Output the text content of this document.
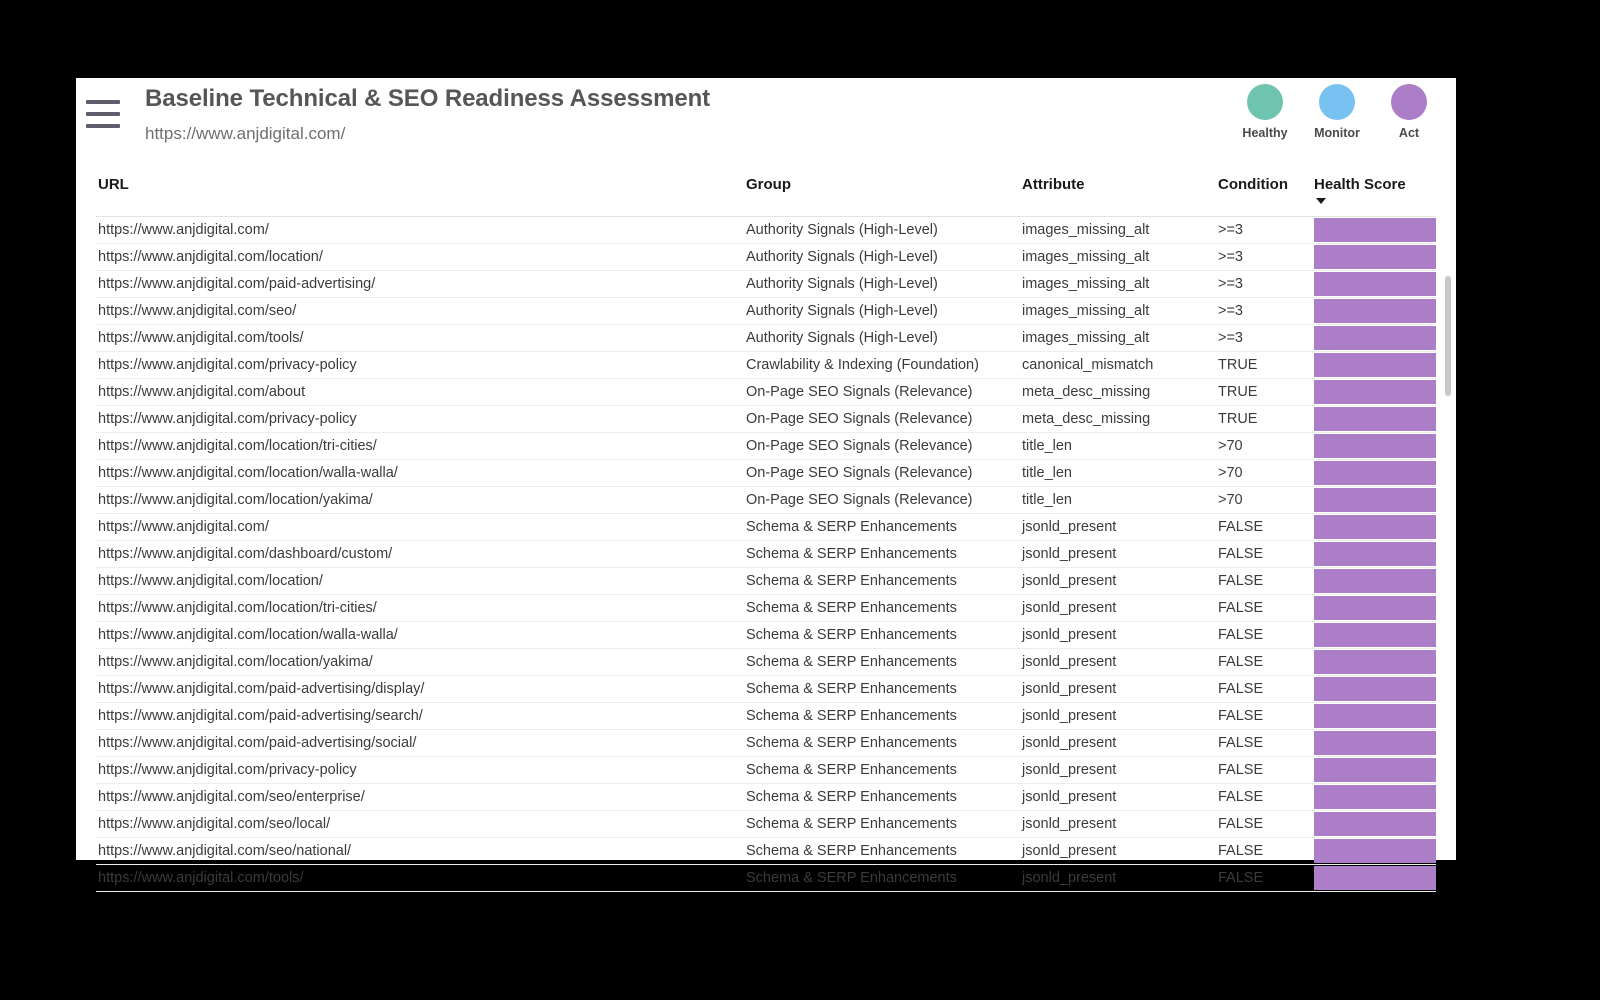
Baseline Technical & SEO Readiness Assessment
https://www.anjdigital.com/	Healthy Monitor	Act
URL	Group	Attribute	Condition	Health Score

https://www.anjdigital.com/	Authority Signals (High-Level)	images_missing_alt	>=3	

https://www.anjdigital.com/location/	Authority Signals (High-Level)	images_missing_alt	>=3	

https://www.anjdigital.com/paid-advertising/	Authority Signals (High-Level)	images_missing_alt	>=3	

https://www.anjdigital.com/seo/	Authority Signals (High-Level)	images_missing_alt	>=3	

https://www.anjdigital.com/tools/	Authority Signals (High-Level)	images_missing_alt	>=3	

https://www.anjdigital.com/privacy-policy	Crawlability & Indexing (Foundation)	canonical_mismatch	TRUE	

https://www.anjdigital.com/about	On-Page SEO Signals (Relevance)	meta_desc_missing	TRUE	

https://www.anjdigital.com/privacy-policy	On-Page SEO Signals (Relevance)	meta_desc_missing	TRUE	

https://www.anjdigital.com/location/tri-cities/	On-Page SEO Signals (Relevance)	title_len	>70	

https://www.anjdigital.com/location/walla-walla/	On-Page SEO Signals (Relevance)	title_len	>70	

https://www.anjdigital.com/location/yakima/	On-Page SEO Signals (Relevance)	title_len	>70	

https://www.anjdigital.com/	Schema & SERP Enhancements	jsonld_present	FALSE	

https://www.anjdigital.com/dashboard/custom/	Schema & SERP Enhancements	jsonld_present	FALSE	

https://www.anjdigital.com/location/	Schema & SERP Enhancements	jsonld_present	FALSE	

https://www.anjdigital.com/location/tri-cities/	Schema & SERP Enhancements	jsonld_present	FALSE	

https://www.anjdigital.com/location/walla-walla/	Schema & SERP Enhancements	jsonld_present	FALSE	

https://www.anjdigital.com/location/yakima/	Schema & SERP Enhancements	jsonld_present	FALSE	

https://www.anjdigital.com/paid-advertising/display/	Schema & SERP Enhancements	jsonld_present	FALSE	

https://www.anjdigital.com/paid-advertising/search/	Schema & SERP Enhancements	jsonld_present	FALSE	

https://www.anjdigital.com/paid-advertising/social/	Schema & SERP Enhancements	jsonld_present	FALSE	

https://www.anjdigital.com/privacy-policy	Schema & SERP Enhancements	jsonld_present	FALSE	

https://www.anjdigital.com/seo/enterprise/	Schema & SERP Enhancements	jsonld_present	FALSE	

https://www.anjdigital.com/seo/local/	Schema & SERP Enhancements	jsonld_present	FALSE	

https://www.anjdigital.com/seo/national/	Schema & SERP Enhancements	jsonld_present	FALSE	

https://www.anjdigital.com/tools/	Schema & SERP Enhancements	jsonld_present	FALSE	
